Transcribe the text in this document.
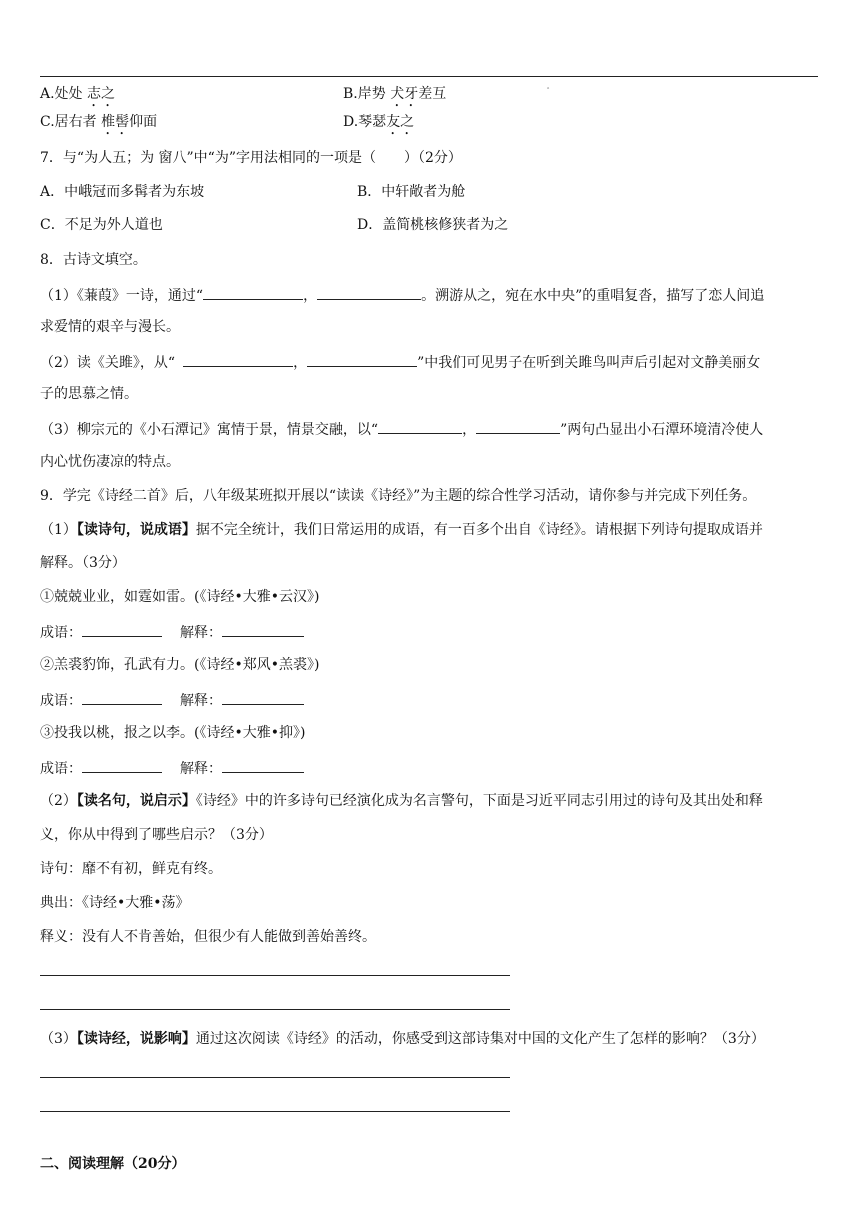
A.处处 志之	B.岸势 犬牙差互	ᵃ
C.居右者 椎髻仰面	D.琴瑟友之
7．与“为人五；为 窗八”中“为”字用法相同的一项是（　　）（2分）
A．中峨冠而多髯者为东坡	B．中轩敞者为舱
C．不足为外人道也	D．盖简桃核修狭者为之
8．古诗文填空。
（1）《蒹葭》一诗，通过“	，	。溯游从之，宛在水中央”的重唱复沓，描写了恋人间追
求爱情的艰辛与漫长。
（2）读《关雎》，从“	，	”中我们可见男子在听到关雎鸟叫声后引起对文静美丽女
子的思慕之情。
（3）柳宗元的《小石潭记》寓情于景，情景交融，以“	，	”两句凸显出小石潭环境清冷使人
内心忧伤凄凉的特点。
9．学完《诗经二首》后，八年级某班拟开展以“读读《诗经》”为主题的综合性学习活动，请你参与并完成下列任务。
（1）【读诗句，说成语】据不完全统计，我们日常运用的成语，有一百多个出自《诗经》。请根据下列诗句提取成语并
解释。（3分）
①兢兢业业，如霆如雷。(《诗经•大雅•云汉》)
成语：	解释：
②羔裘豹饰，孔武有力。(《诗经•郑风•羔裘》)
成语：	解释：
③投我以桃，报之以李。(《诗经•大雅•抑》)
成语：	解释：
（2）【读名句，说启示】《诗经》中的许多诗句已经演化成为名言警句，下面是习近平同志引用过的诗句及其出处和释
义，你从中得到了哪些启示？（3分）
诗句：靡不有初，鲜克有终。
典出：《诗经•大雅•荡》
释义：没有人不肯善始，但很少有人能做到善始善终。
（3）【读诗经，说影响】通过这次阅读《诗经》的活动，你感受到这部诗集对中国的文化产生了怎样的影响？（3分）
二、阅读理解（20分）
